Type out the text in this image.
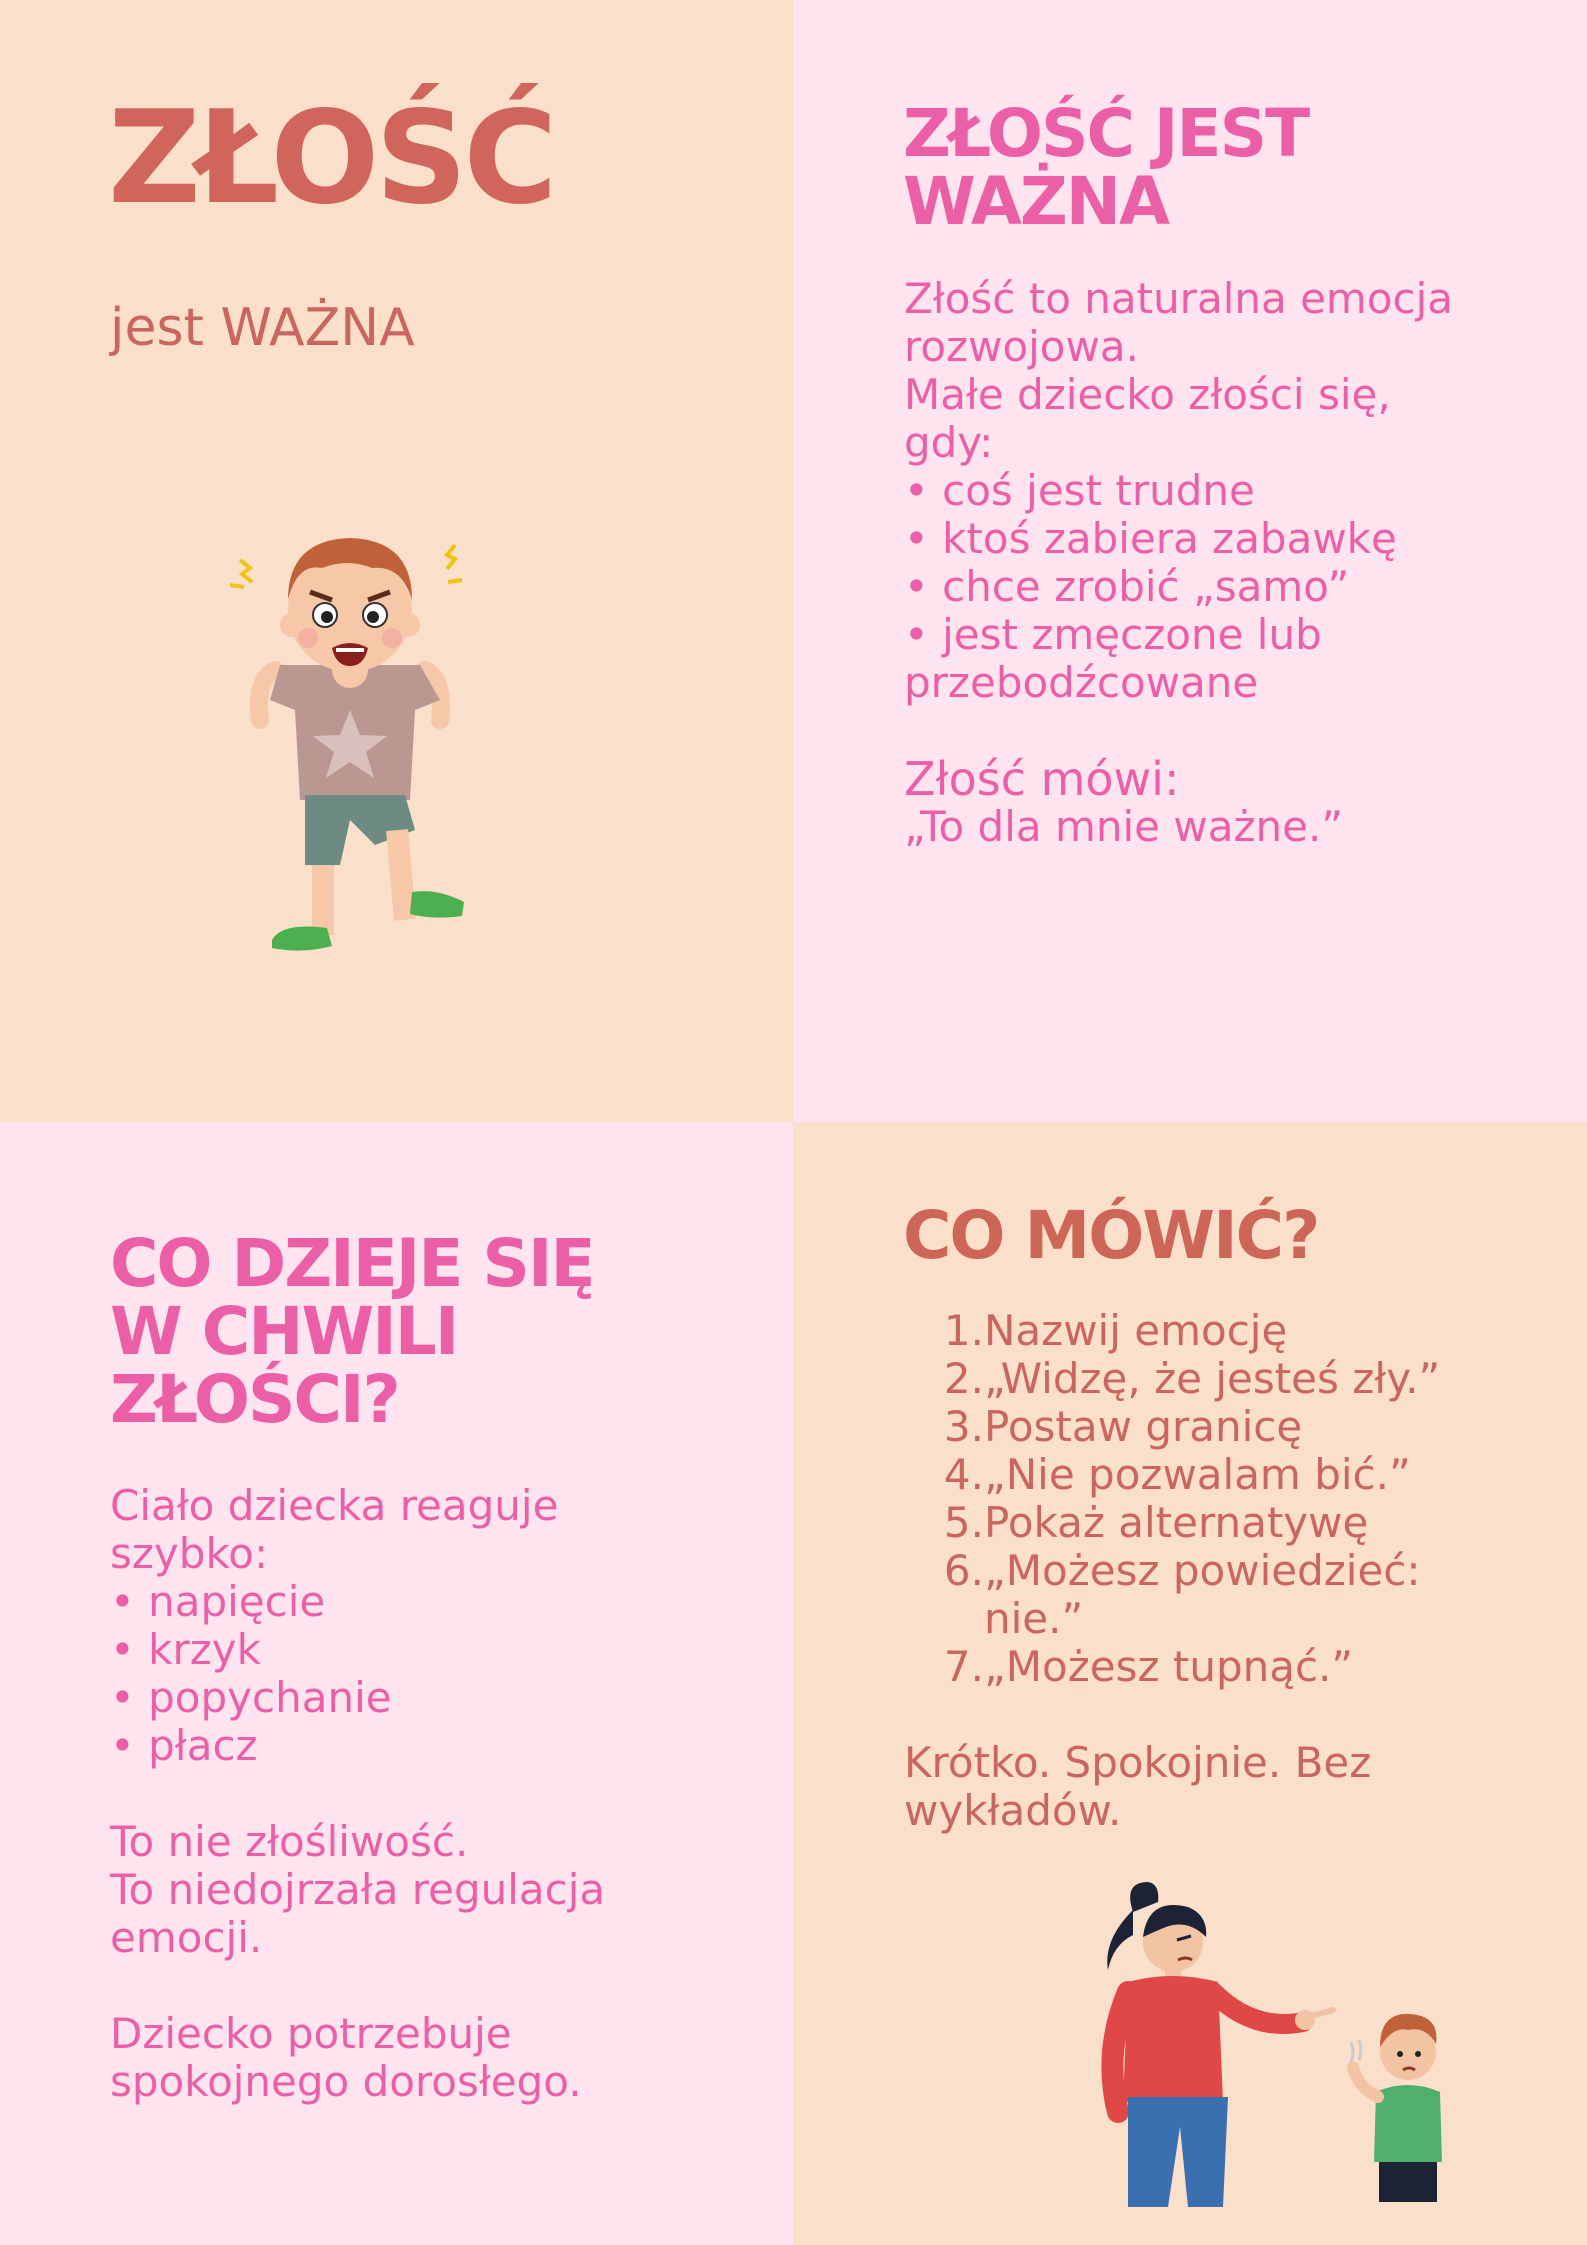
ZŁOŚĆ
jest WAŻNA
ZŁOŚĆ JEST
WAŻNA
Złość to naturalna emocja
rozwojowa.
Małe dziecko złości się,
gdy:
• coś jest trudne
• ktoś zabiera zabawkę
• chce zrobić „samo”
• jest zmęczone lub
przebodźcowane
Złość mówi:
„To dla mnie ważne.”
CO DZIEJE SIĘ
W CHWILI
ZŁOŚCI?
Ciało dziecka reaguje
szybko:
• napięcie
• krzyk
• popychanie
• płacz
To nie złośliwość.
To niedojrzała regulacja
emocji.
Dziecko potrzebuje
spokojnego dorosłego.
CO MÓWIĆ?
1. Nazwij emocję
2. „Widzę, że jesteś zły.”
3. Postaw granicę
4. „Nie pozwalam bić.”
5. Pokaż alternatywę
6. „Możesz powiedzieć:
nie.”
7. „Możesz tupnąć.”
Krótko. Spokojnie. Bez
wykładów.
